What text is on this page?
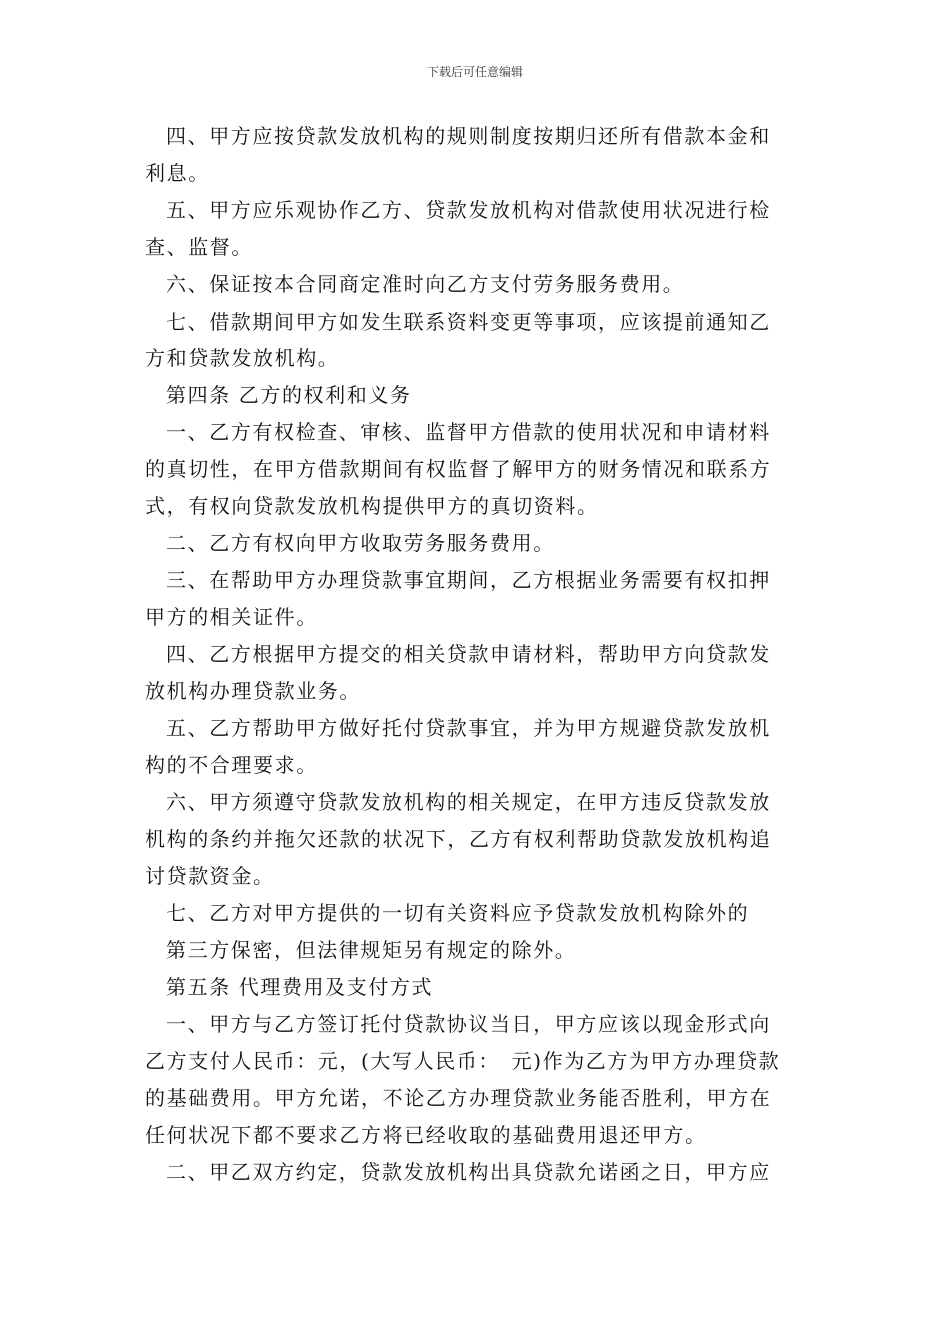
下载后可任意编辑
四、甲方应按贷款发放机构的规则制度按期归还所有借款本金和
利息。
五、甲方应乐观协作乙方、贷款发放机构对借款使用状况进行检
查、监督。
六、保证按本合同商定准时向乙方支付劳务服务费用。
七、借款期间甲方如发生联系资料变更等事项，应该提前通知乙
方和贷款发放机构。
第四条 乙方的权利和义务
一、乙方有权检查、审核、监督甲方借款的使用状况和申请材料
的真切性，在甲方借款期间有权监督了解甲方的财务情况和联系方
式，有权向贷款发放机构提供甲方的真切资料。
二、乙方有权向甲方收取劳务服务费用。
三、在帮助甲方办理贷款事宜期间，乙方根据业务需要有权扣押
甲方的相关证件。
四、乙方根据甲方提交的相关贷款申请材料，帮助甲方向贷款发
放机构办理贷款业务。
五、乙方帮助甲方做好托付贷款事宜，并为甲方规避贷款发放机
构的不合理要求。
六、甲方须遵守贷款发放机构的相关规定，在甲方违反贷款发放
机构的条约并拖欠还款的状况下，乙方有权利帮助贷款发放机构追
讨贷款资金。
七、乙方对甲方提供的一切有关资料应予贷款发放机构除外的
第三方保密，但法律规矩另有规定的除外。
第五条 代理费用及支付方式
一、甲方与乙方签订托付贷款协议当日，甲方应该以现金形式向
乙方支付人民币：元，(大写人民币：　元)作为乙方为甲方办理贷款
的基础费用。甲方允诺，不论乙方办理贷款业务能否胜利，甲方在
任何状况下都不要求乙方将已经收取的基础费用退还甲方。
二、甲乙双方约定，贷款发放机构出具贷款允诺函之日，甲方应
